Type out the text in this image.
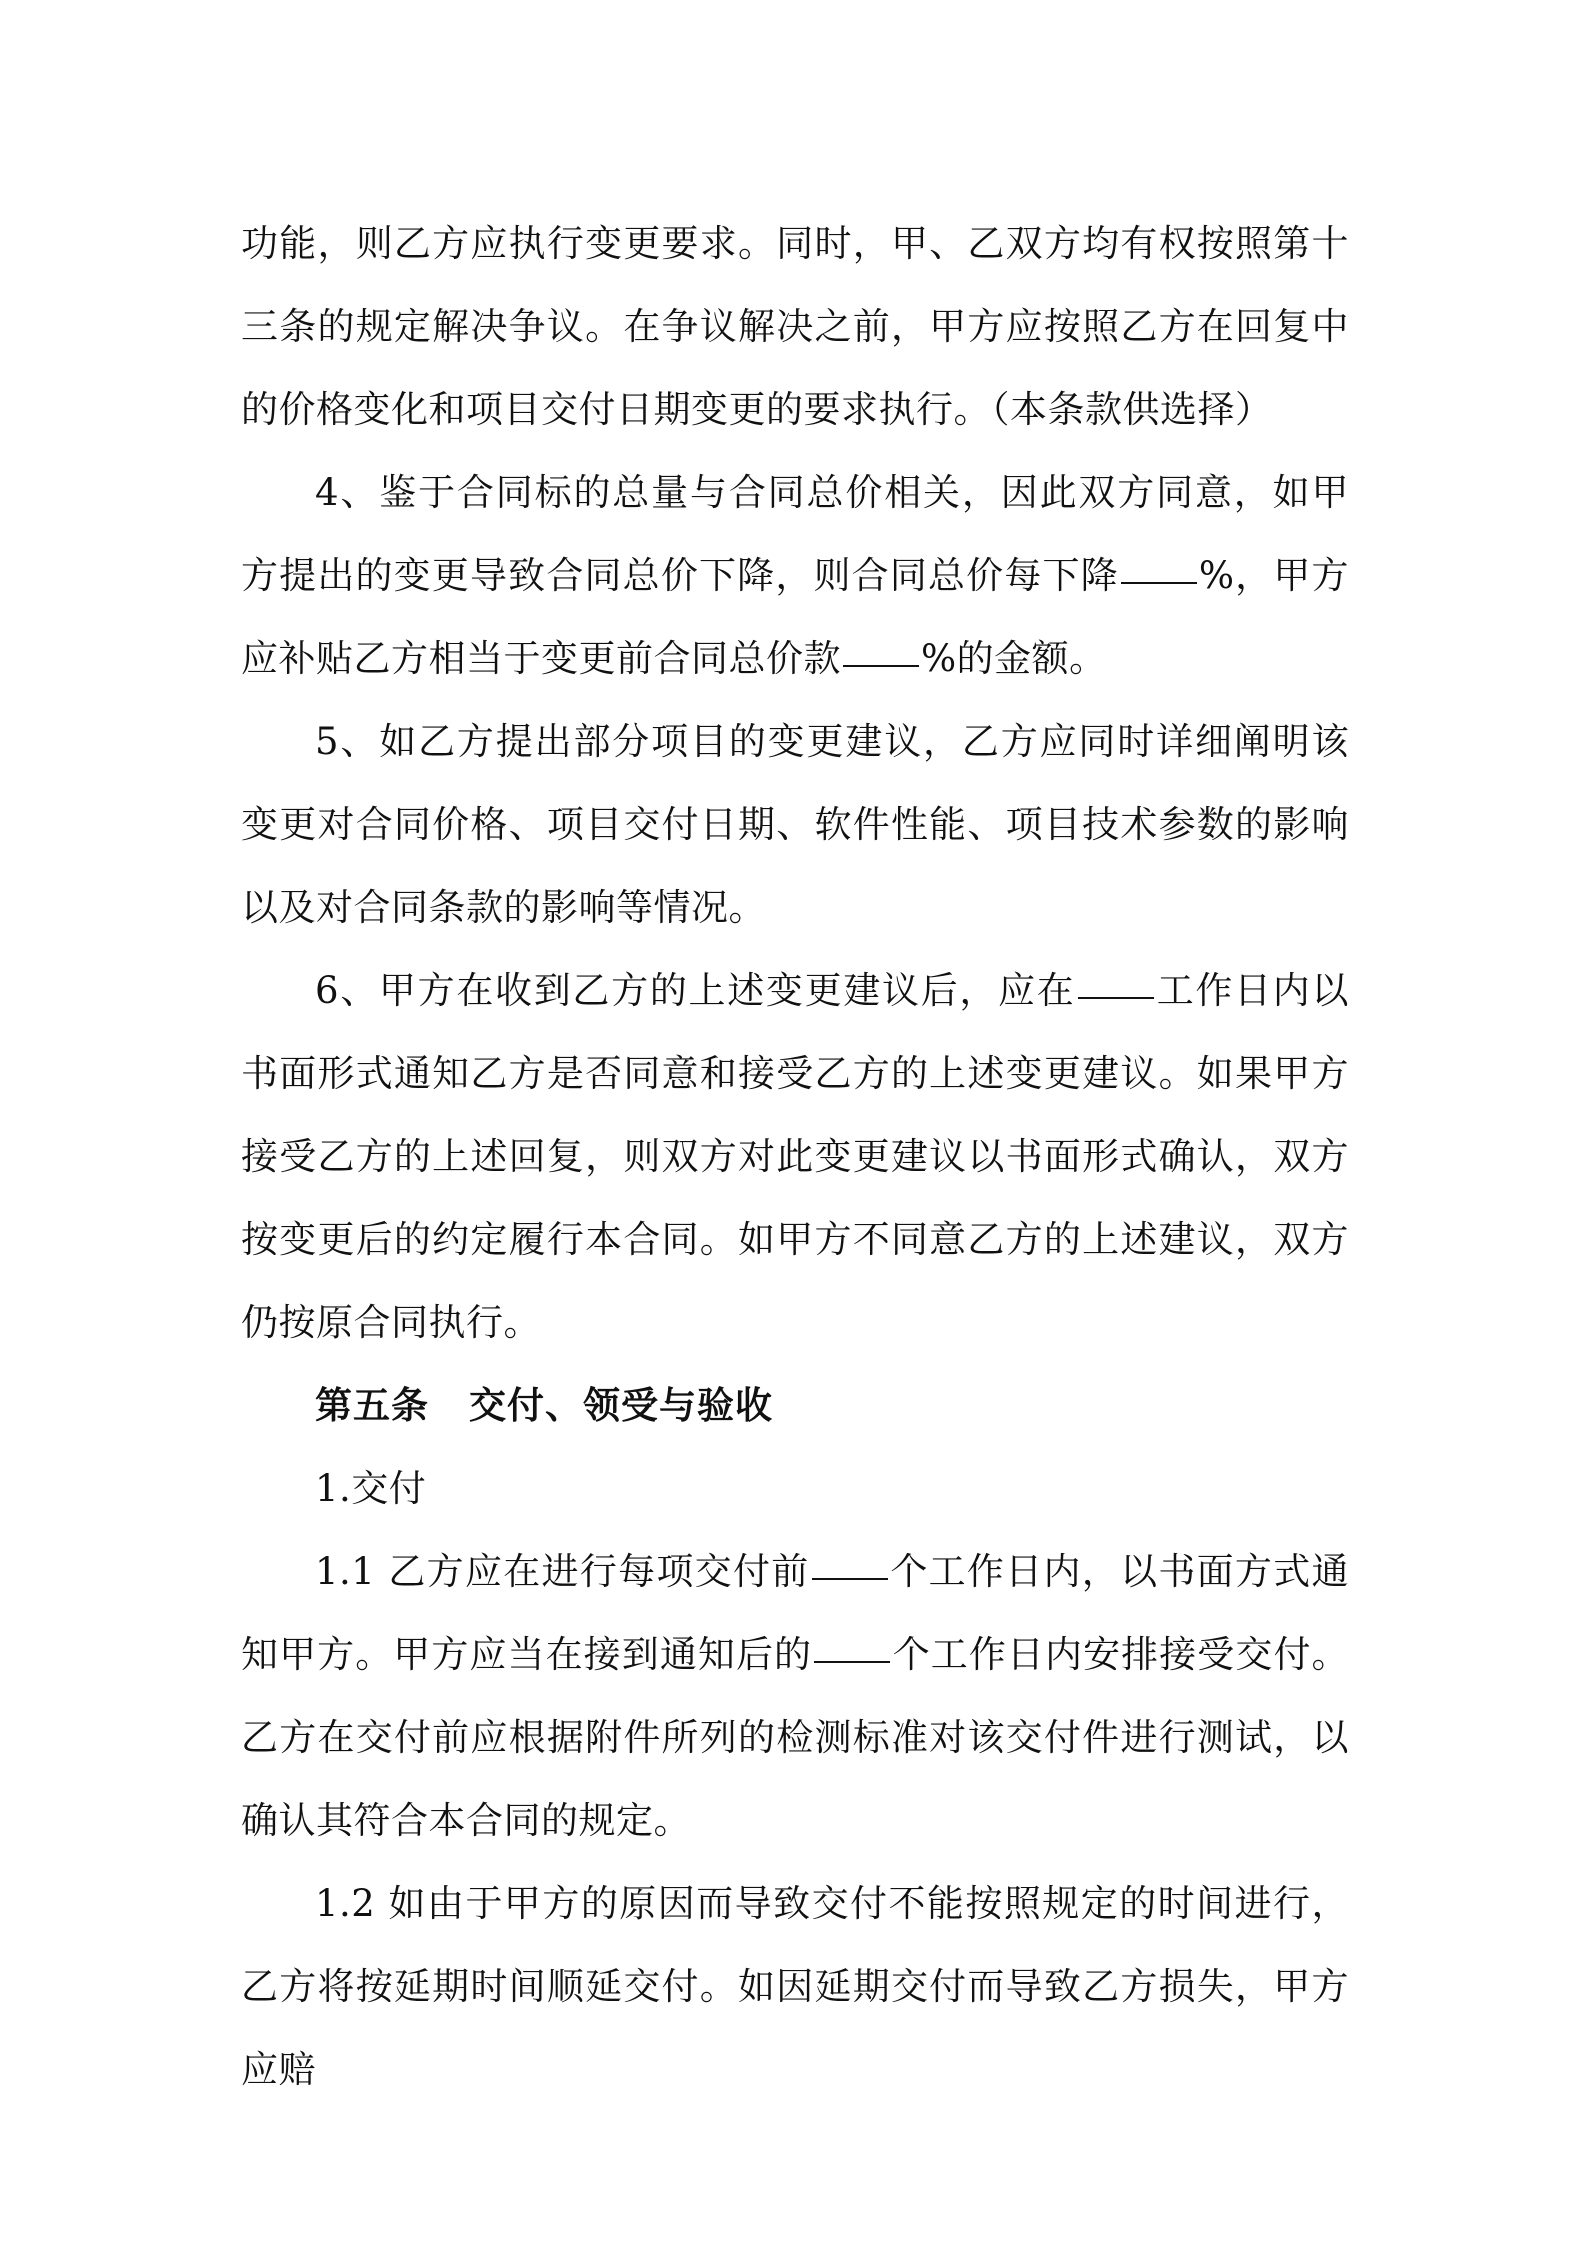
功能，则乙方应执行变更要求。同时，甲、乙双方均有权按照第十三条的规定解决争议。在争议解决之前，甲方应按照乙方在回复中的价格变化和项目交付日期变更的要求执行。（本条款供选择）

4、鉴于合同标的总量与合同总价相关，因此双方同意，如甲方提出的变更导致合同总价下降，则合同总价每下降 %，甲方应补贴乙方相当于变更前合同总价款 %的金额。

5、如乙方提出部分项目的变更建议，乙方应同时详细阐明该变更对合同价格、项目交付日期、软件性能、项目技术参数的影响以及对合同条款的影响等情况。

6、甲方在收到乙方的上述变更建议后，应在 工作日内以书面形式通知乙方是否同意和接受乙方的上述变更建议。如果甲方接受乙方的上述回复，则双方对此变更建议以书面形式确认，双方按变更后的约定履行本合同。如甲方不同意乙方的上述建议，双方仍按原合同执行。

第五条 交付、领受与验收

1.交付

1.1 乙方应在进行每项交付前 个工作日内，以书面方式通知甲方。甲方应当在接到通知后的 个工作日内安排接受交付。乙方在交付前应根据附件所列的检测标准对该交付件进行测试，以确认其符合本合同的规定。

1.2 如由于甲方的原因而导致交付不能按照规定的时间进行，乙方将按延期时间顺延交付。如因延期交付而导致乙方损失，甲方应赔
